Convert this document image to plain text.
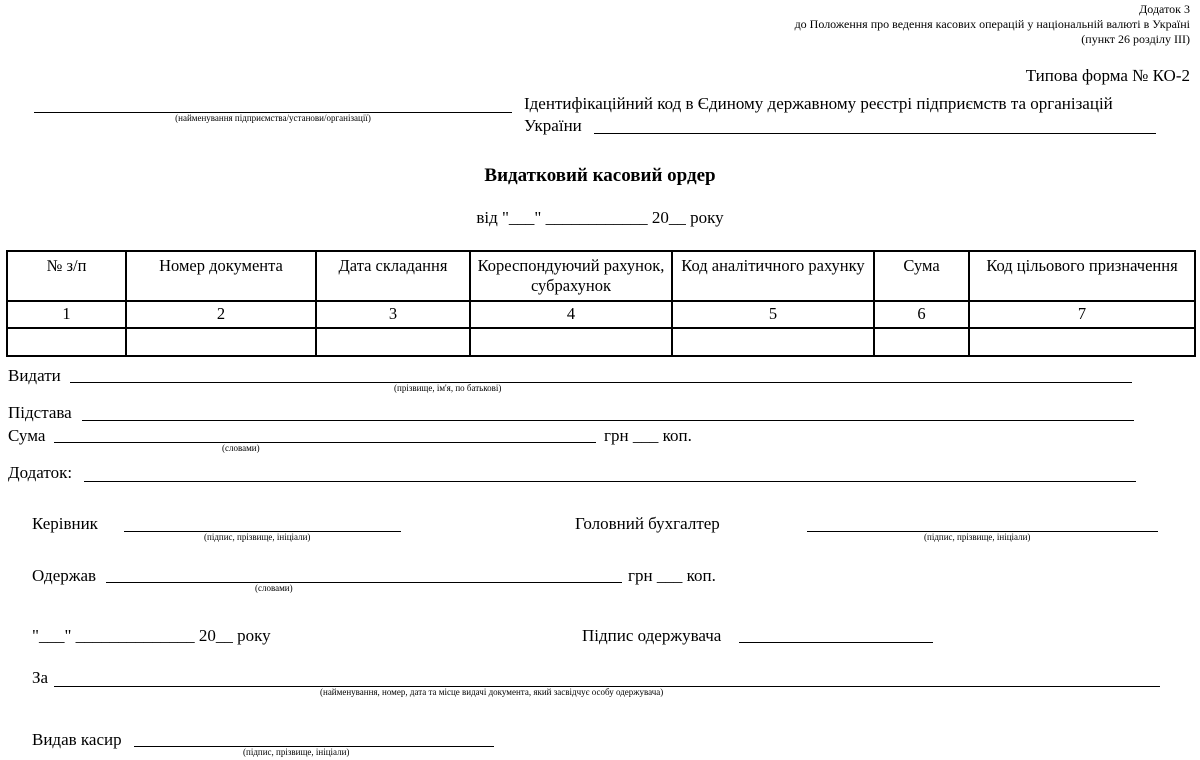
Додаток 3
до Положення про ведення касових операцій у національній валюті в Україні
(пункт 26 розділу ІІІ)
Типова форма № КО-2
(найменування підприємства/установи/організації)
Ідентифікаційний код в Єдиному державному реєстрі підприємств та організацій
України
Видатковий касовий ордер
від "___" ____________ 20__ року
№ з/п	Номер документа	Дата складання	Кореспондуючий рахунок, субрахунок	Код аналітичного рахунку	Сума	Код цільового призначення
1	2	3	4	5	6	7

Видати
(прізвище, ім'я, по батькові)
Підстава
Сума
(словами)
грн ___ коп.
Додаток:
Керівник
(підпис, прізвище, ініціали)
Головний бухгалтер
(підпис, прізвище, ініціали)
Одержав
(словами)
грн ___ коп.
"___" ______________ 20__ року	Підпис одержувача
За
(найменування, номер, дата та місце видачі документа, який засвідчує особу одержувача)
Видав касир
(підпис, прізвище, ініціали)
